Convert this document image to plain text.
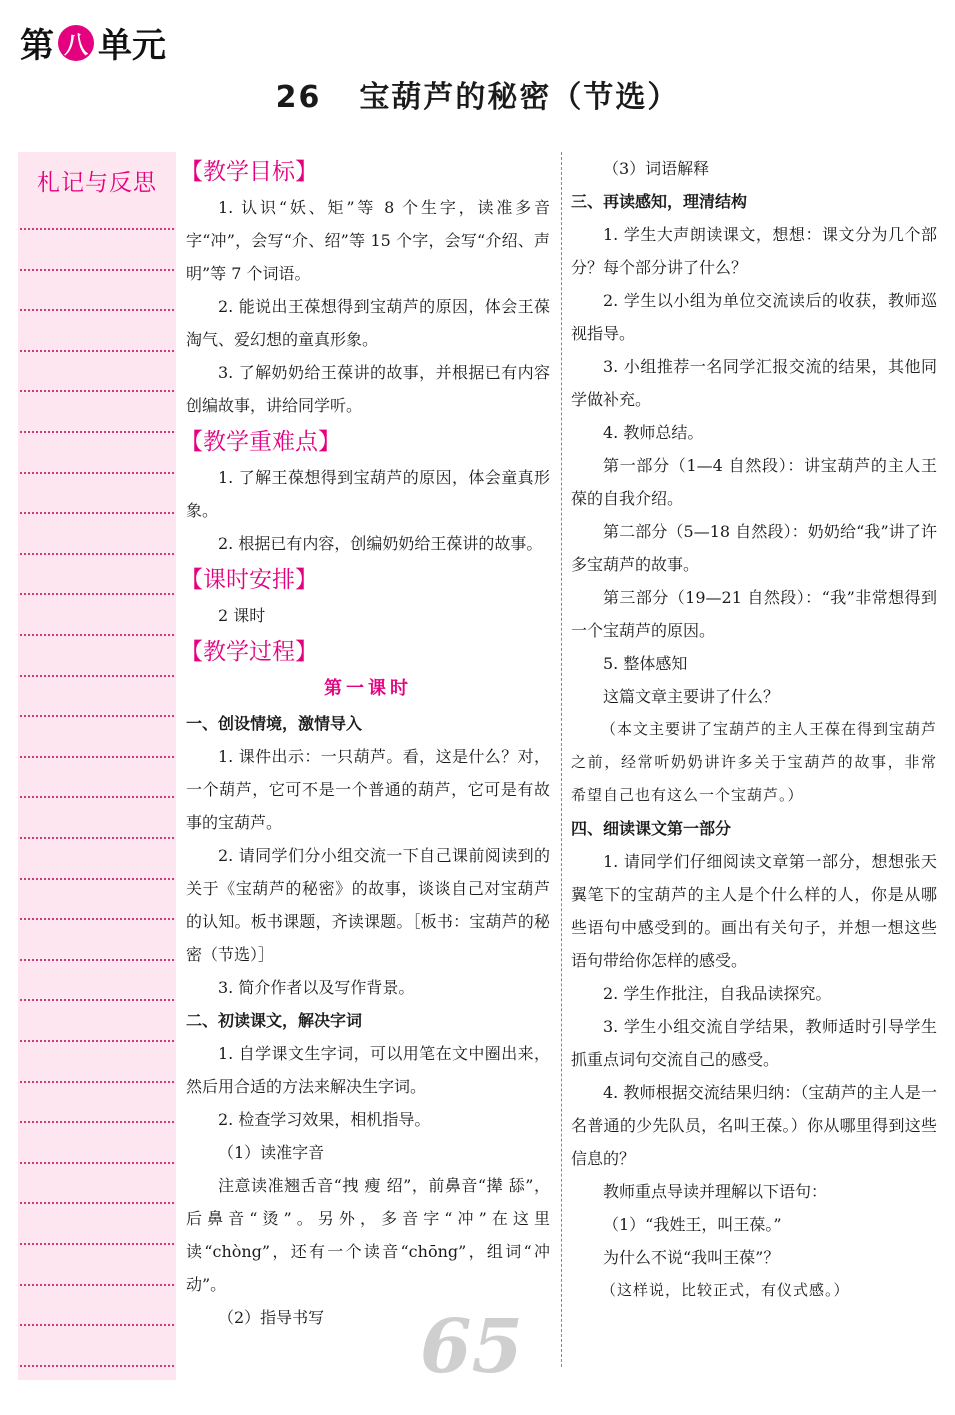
第 八 单元
26 宝葫芦的秘密（节选）
札记与反思	【教学目标】

1. 认识“妖、矩”等 8 个生字，读准多音字“冲”，会写“介、绍”等 15 个字，会写“介绍、声明”等 7 个词语。

2. 能说出王葆想得到宝葫芦的原因，体会王葆淘气、爱幻想的童真形象。

3. 了解奶奶给王葆讲的故事，并根据已有内容创编故事，讲给同学听。

【教学重难点】

1. 了解王葆想得到宝葫芦的原因，体会童真形象。

2. 根据已有内容，创编奶奶给王葆讲的故事。

【课时安排】

2 课时

【教学过程】
第一课时
一、创设情境，激情导入

1. 课件出示：一只葫芦。看，这是什么？对，一个葫芦，它可不是一个普通的葫芦，它可是有故事的宝葫芦。

2. 请同学们分小组交流一下自己课前阅读到的关于《宝葫芦的秘密》的故事，谈谈自己对宝葫芦的认知。板书课题，齐读课题。［板书：宝葫芦的秘密（节选）］

3. 简介作者以及写作背景。

二、初读课文，解决字词

1. 自学课文生字词，可以用笔在文中圈出来，然后用合适的方法来解决生字词。

2. 检查学习效果，相机指导。

（1）读准字音

注意读准翘舌音“拽 瘦 绍”，前鼻音“撵 舔”，后鼻音“烫”。另外，多音字“冲”在这里读“chòng”，还有一个读音“chōng”，组词“冲动”。

（2）指导书写

（3）词语解释

三、再读感知，理清结构

1. 学生大声朗读课文，想想：课文分为几个部分？每个部分讲了什么？

2. 学生以小组为单位交流读后的收获，教师巡视指导。

3. 小组推荐一名同学汇报交流的结果，其他同学做补充。

4. 教师总结。

第一部分（1—4 自然段）：讲宝葫芦的主人王葆的自我介绍。

第二部分（5—18 自然段）：奶奶给“我”讲了许多宝葫芦的故事。

第三部分（19—21 自然段）：“我”非常想得到一个宝葫芦的原因。

5. 整体感知

这篇文章主要讲了什么？

（本文主要讲了宝葫芦的主人王葆在得到宝葫芦之前，经常听奶奶讲许多关于宝葫芦的故事，非常希望自己也有这么一个宝葫芦。）

四、细读课文第一部分

1. 请同学们仔细阅读文章第一部分，想想张天翼笔下的宝葫芦的主人是个什么样的人，你是从哪些语句中感受到的。画出有关句子，并想一想这些语句带给你怎样的感受。

2. 学生作批注，自我品读探究。

3. 学生小组交流自学结果，教师适时引导学生抓重点词句交流自己的感受。

4. 教师根据交流结果归纳：（宝葫芦的主人是一名普通的少先队员，名叫王葆。）你从哪里得到这些信息的？

教师重点导读并理解以下语句：

（1）“我姓王，叫王葆。”

为什么不说“我叫王葆”？

（这样说，比较正式，有仪式感。）

65
